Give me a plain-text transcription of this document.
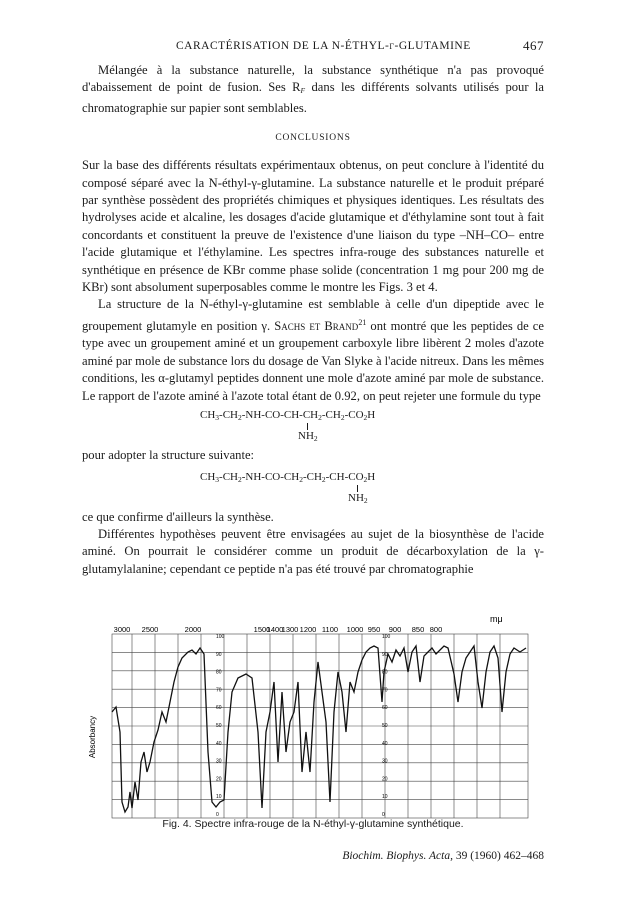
CARACTÉRISATION DE LA N-ÉTHYL-γ-GLUTAMINE	467

Mélangée à la substance naturelle, la substance synthétique n'a pas provoqué d'abaissement de point de fusion. Ses $R_F$ dans les différents solvants utilisés pour la chromatographie sur papier sont semblables.

CONCLUSIONS

Sur la base des différents résultats expérimentaux obtenus, on peut conclure à l'identité du composé séparé avec la N-éthyl-γ-glutamine. La substance naturelle et le produit préparé par synthèse possèdent des propriétés chimiques et physiques identiques. Les résultats des hydrolyses acide et alcaline, les dosages d'acide glutamique et d'éthylamine sont tout à fait concordants et constituent la preuve de l'existence d'une liaison du type –NH–CO– entre l'acide glutamique et l'éthylamine. Les spectres infra-rouge des substances naturelle et synthétique en présence de KBr comme phase solide (concentration 1 mg pour 200 mg de KBr) sont absolument superposables comme le montre les Figs. 3 et 4.

La structure de la N-éthyl-γ-glutamine est semblable à celle d'un dipeptide avec le groupement glutamyle en position γ. Sachs et Brand$^{21}$ ont montré que les peptides de ce type avec un groupement aminé et un groupement carboxyle libre libèrent 2 moles d'azote aminé par mole de substance lors du dosage de Van Slyke à l'acide nitreux. Dans les mêmes conditions, les α-glutamyl peptides donnent une mole d'azote aminé par mole de substance. Le rapport de l'azote aminé à l'azote total étant de 0.92, on peut rejeter une formule du type

$CH_3-CH_2-NH-CO-CH-CH_2-CH_2-CO_2H$
$NH_2$

pour adopter la structure suivante:

$CH_3-CH_2-NH-CO-CH_2-CH_2-CH-CO_2H$
$NH_2$

ce que confirme d'ailleurs la synthèse.

Différentes hypothèses peuvent être envisagées au sujet de la biosynthèse de l'acide aminé. On pourrait le considérer comme un produit de décarboxylation de la γ-glutamylalanine; cependant ce peptide n'a pas été trouvé par chromatographie

mμ
3000 2500	2000	1500
1400
1300 1200 1100 1000 950 900 850 800
100
90
80
70
60
50
40
30
20
10
0
100
90
80
70
60
50
40
30
20
10
0
Absorbancy
Fig. 4. Spectre infra-rouge de la N-éthyl-γ-glutamine synthétique.
Biochim. Biophys. Acta, 39 (1960) 462–468
